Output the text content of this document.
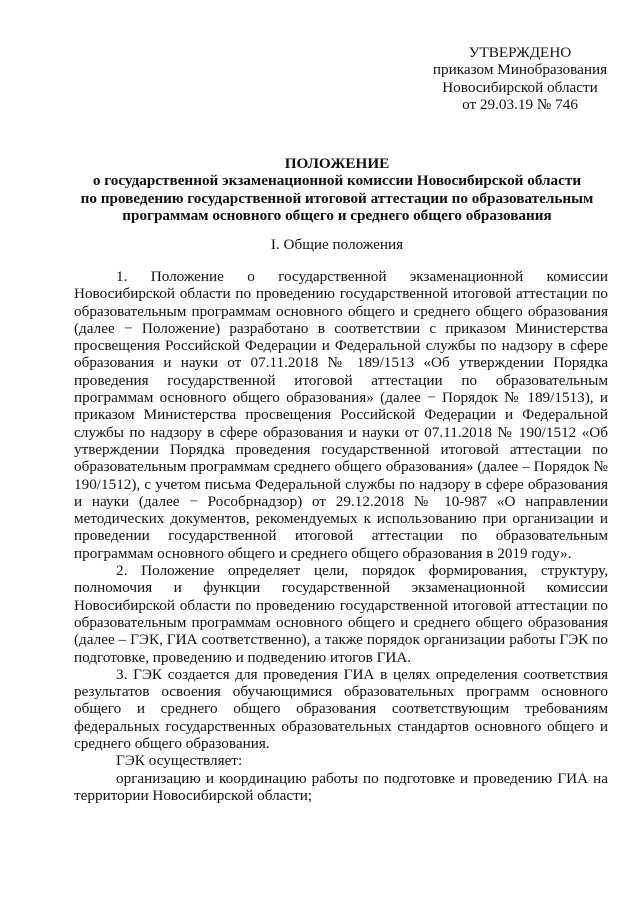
УТВЕРЖДЕНО
приказом Минобразования
Новосибирской области
от 29.03.19 № 746
ПОЛОЖЕНИЕ
о государственной экзаменационной комиссии Новосибирской области
по проведению государственной итоговой аттестации по образовательным
программам основного общего и среднего общего образования
I. Общие положения

1. Положение о государственной экзаменационной комиссии Новосибирской области по проведению государственной итоговой аттестации по образовательным программам основного общего и среднего общего образования (далее − Положение) разработано в соответствии с приказом Министерства просвещения Российской Федерации и Федеральной службы по надзору в сфере образования и науки от 07.11.2018 № 189/1513 «Об утверждении Порядка проведения государственной итоговой аттестации по образовательным программам основного общего образования» (далее − Порядок № 189/1513), и приказом Министерства просвещения Российской Федерации и Федеральной службы по надзору в сфере образования и науки от 07.11.2018 № 190/1512 «Об утверждении Порядка проведения государственной итоговой аттестации по образовательным программам среднего общего образования» (далее – Порядок № 190/1512), с учетом письма Федеральной службы по надзору в сфере образования и науки (далее − Рособрнадзор) от 29.12.2018 № 10-987 «О направлении методических документов, рекомендуемых к использованию при организации и проведении государственной итоговой аттестации по образовательным программам основного общего и среднего общего образования в 2019 году».

2. Положение определяет цели, порядок формирования, структуру, полномочия и функции государственной экзаменационной комиссии Новосибирской области по проведению государственной итоговой аттестации по образовательным программам основного общего и среднего общего образования (далее – ГЭК, ГИА соответственно), а также порядок организации работы ГЭК по подготовке, проведению и подведению итогов ГИА.

3. ГЭК создается для проведения ГИА в целях определения соответствия результатов освоения обучающимися образовательных программ основного общего и среднего общего образования соответствующим требованиям федеральных государственных образовательных стандартов основного общего и среднего общего образования.

ГЭК осуществляет:

организацию и координацию работы по подготовке и проведению ГИА на территории Новосибирской области;
